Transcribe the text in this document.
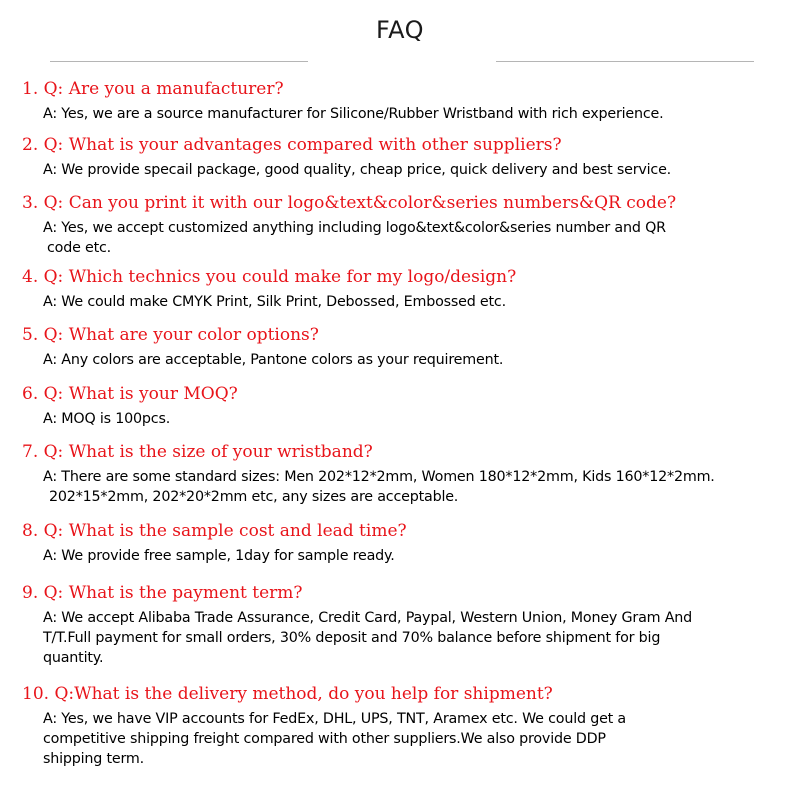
FAQ
1. Q: Are you a manufacturer?
A: Yes, we are a source manufacturer for Silicone/Rubber Wristband with rich experience.
2. Q: What is your advantages compared with other suppliers?
A: We provide specail package, good quality, cheap price, quick delivery and best service.
3. Q: Can you print it with our logo&text&color&series numbers&QR code?
A: Yes, we accept customized anything including logo&text&color&series number and QR
code etc.
4. Q: Which technics you could make for my logo/design?
A: We could make CMYK Print, Silk Print, Debossed, Embossed etc.
5. Q: What are your color options?
A: Any colors are acceptable, Pantone colors as your requirement.
6. Q: What is your MOQ?
A: MOQ is 100pcs.
7. Q: What is the size of your wristband?
A: There are some standard sizes: Men 202*12*2mm, Women 180*12*2mm, Kids 160*12*2mm.
202*15*2mm, 202*20*2mm etc, any sizes are acceptable.
8. Q: What is the sample cost and lead time?
A: We provide free sample, 1day for sample ready.
9. Q: What is the payment term?
A: We accept Alibaba Trade Assurance, Credit Card, Paypal, Western Union, Money Gram And
T/T.Full payment for small orders, 30% deposit and 70% balance before shipment for big
quantity.
10. Q:What is the delivery method, do you help for shipment?
A: Yes, we have VIP accounts for FedEx, DHL, UPS, TNT, Aramex etc. We could get a
competitive shipping freight compared with other suppliers.We also provide DDP
shipping term.
